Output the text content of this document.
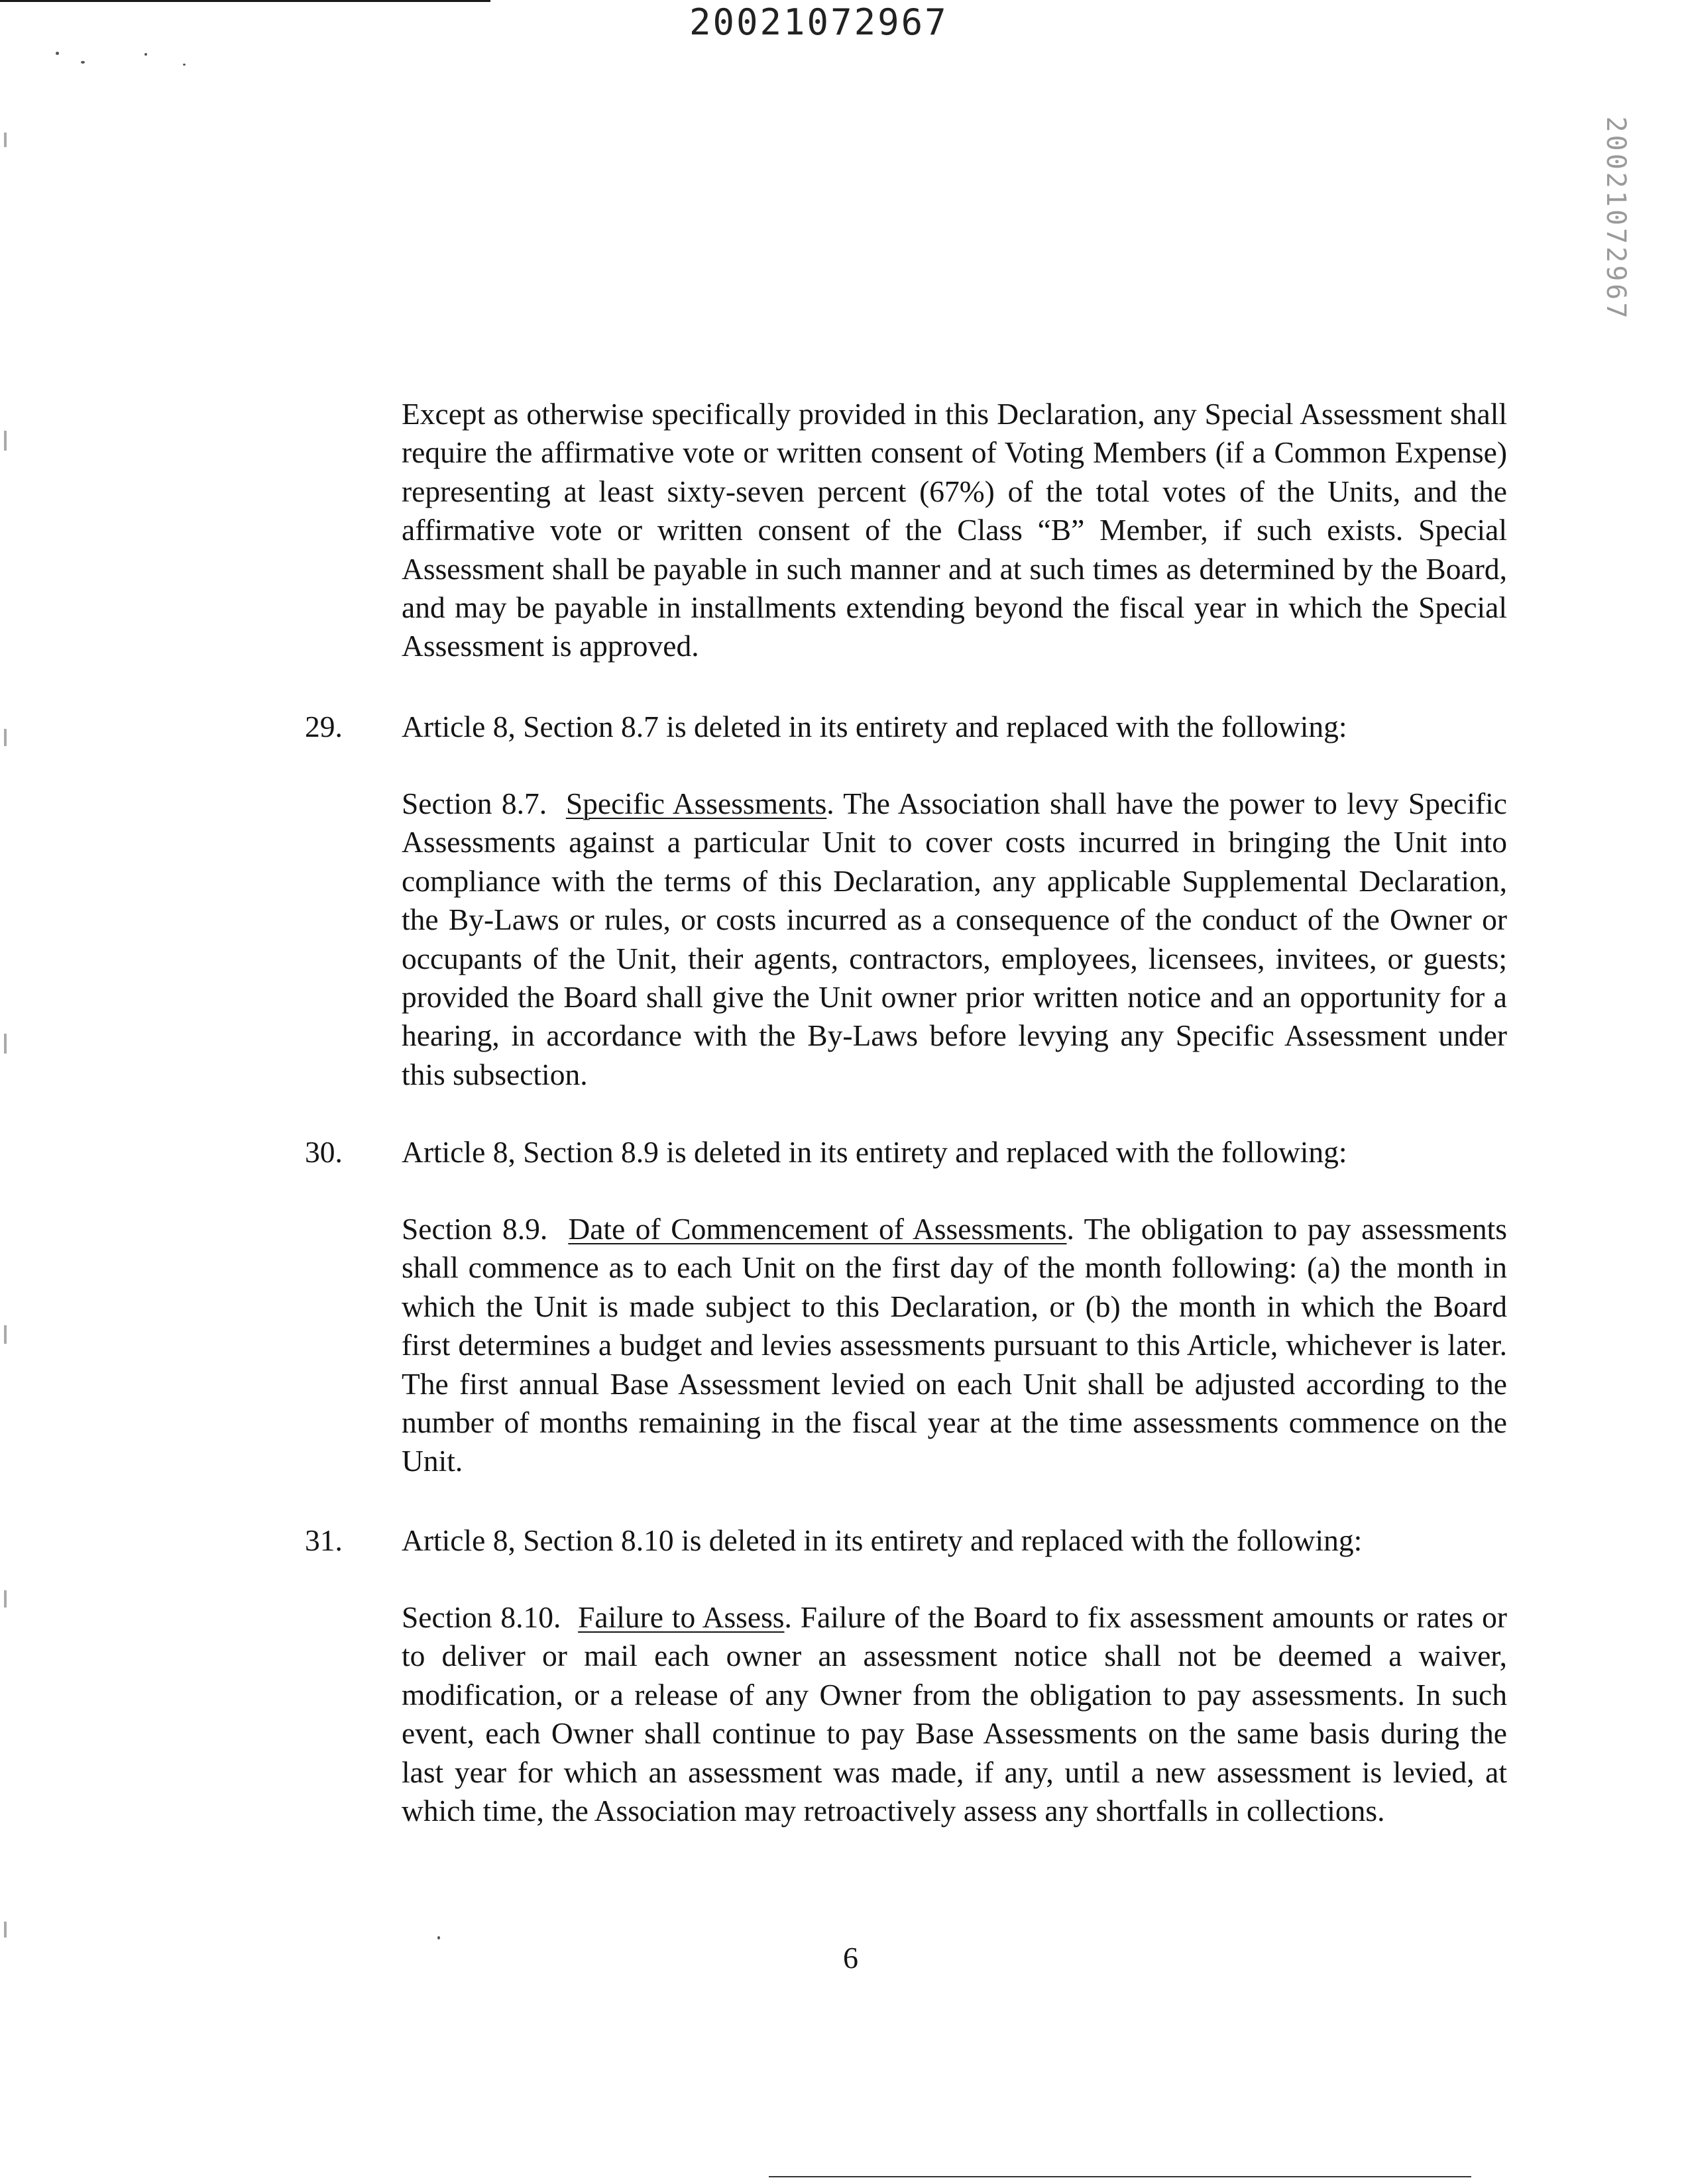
20021072967
20021072967

Except as otherwise specifically provided in this Declaration, any Special Assessment shall require the affirmative vote or written consent of Voting Members (if a Common Expense) representing at least sixty-seven percent (67%) of the total votes of the Units, and the affirmative vote or written consent of the Class “B” Member, if such exists. Special Assessment shall be payable in such manner and at such times as determined by the Board, and may be payable in installments extending beyond the fiscal year in which the Special Assessment is approved.

29. Article 8, Section 8.7 is deleted in its entirety and replaced with the following:

Section 8.7. Specific Assessments. The Association shall have the power to levy Specific Assessments against a particular Unit to cover costs incurred in bringing the Unit into compliance with the terms of this Declaration, any applicable Supplemental Declaration, the By-Laws or rules, or costs incurred as a consequence of the conduct of the Owner or occupants of the Unit, their agents, contractors, employees, licensees, invitees, or guests; provided the Board shall give the Unit owner prior written notice and an opportunity for a hearing, in accordance with the By-Laws before levying any Specific Assessment under this subsection.

30. Article 8, Section 8.9 is deleted in its entirety and replaced with the following:

Section 8.9. Date of Commencement of Assessments. The obligation to pay assessments shall commence as to each Unit on the first day of the month following: (a) the month in which the Unit is made subject to this Declaration, or (b) the month in which the Board first determines a budget and levies assessments pursuant to this Article, whichever is later. The first annual Base Assessment levied on each Unit shall be adjusted according to the number of months remaining in the fiscal year at the time assessments commence on the Unit.

31. Article 8, Section 8.10 is deleted in its entirety and replaced with the following:

Section 8.10. Failure to Assess. Failure of the Board to fix assessment amounts or rates or to deliver or mail each owner an assessment notice shall not be deemed a waiver, modification, or a release of any Owner from the obligation to pay assessments. In such event, each Owner shall continue to pay Base Assessments on the same basis during the last year for which an assessment was made, if any, until a new assessment is levied, at which time, the Association may retroactively assess any shortfalls in collections.

6
